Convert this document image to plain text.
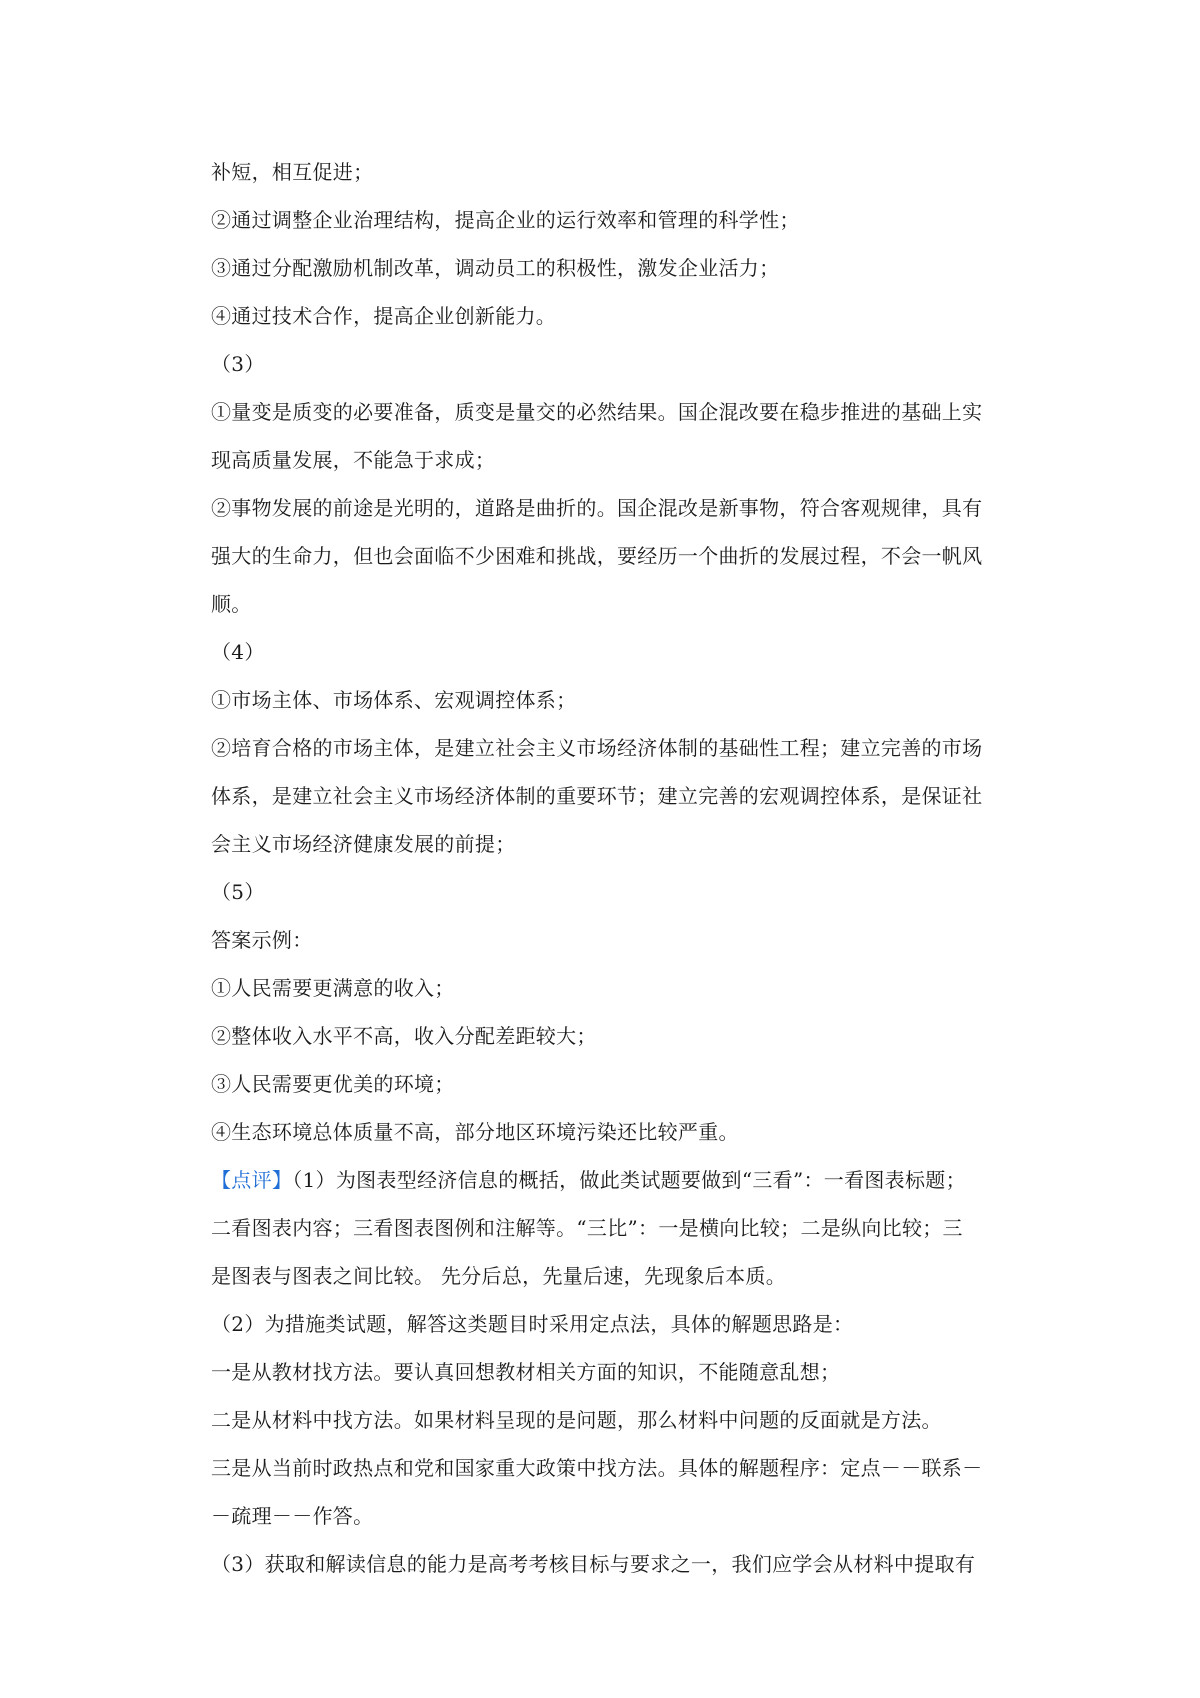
补短，相互促进；

②通过调整企业治理结构，提高企业的运行效率和管理的科学性；

③通过分配激励机制改革，调动员工的积极性，激发企业活力；

④通过技术合作，提高企业创新能力。

（3）

①量变是质变的必要准备，质变是量交的必然结果。国企混改要在稳步推进的基础上实

现高质量发展，不能急于求成；

②事物发展的前途是光明的，道路是曲折的。国企混改是新事物，符合客观规律，具有

强大的生命力，但也会面临不少困难和挑战，要经历一个曲折的发展过程，不会一帆风

顺。

（4）

①市场主体、市场体系、宏观调控体系；

②培育合格的市场主体，是建立社会主义市场经济体制的基础性工程；建立完善的市场

体系，是建立社会主义市场经济体制的重要环节；建立完善的宏观调控体系，是保证社

会主义市场经济健康发展的前提；

（5）

答案示例：

①人民需要更满意的收入；

②整体收入水平不高，收入分配差距较大；

③人民需要更优美的环境；

④生态环境总体质量不高，部分地区环境污染还比较严重。

【点评】（1）为图表型经济信息的概括，做此类试题要做到“三看”：一看图表标题；

二看图表内容；三看图表图例和注解等。“三比”：一是横向比较；二是纵向比较；三

是图表与图表之间比较。 先分后总，先量后速，先现象后本质。

（2）为措施类试题，解答这类题目时采用定点法，具体的解题思路是：

一是从教材找方法。要认真回想教材相关方面的知识，不能随意乱想；

二是从材料中找方法。如果材料呈现的是问题，那么材料中问题的反面就是方法。

三是从当前时政热点和党和国家重大政策中找方法。具体的解题程序：定点－－联系－

－疏理－－作答。

（3）获取和解读信息的能力是高考考核目标与要求之一，我们应学会从材料中提取有
